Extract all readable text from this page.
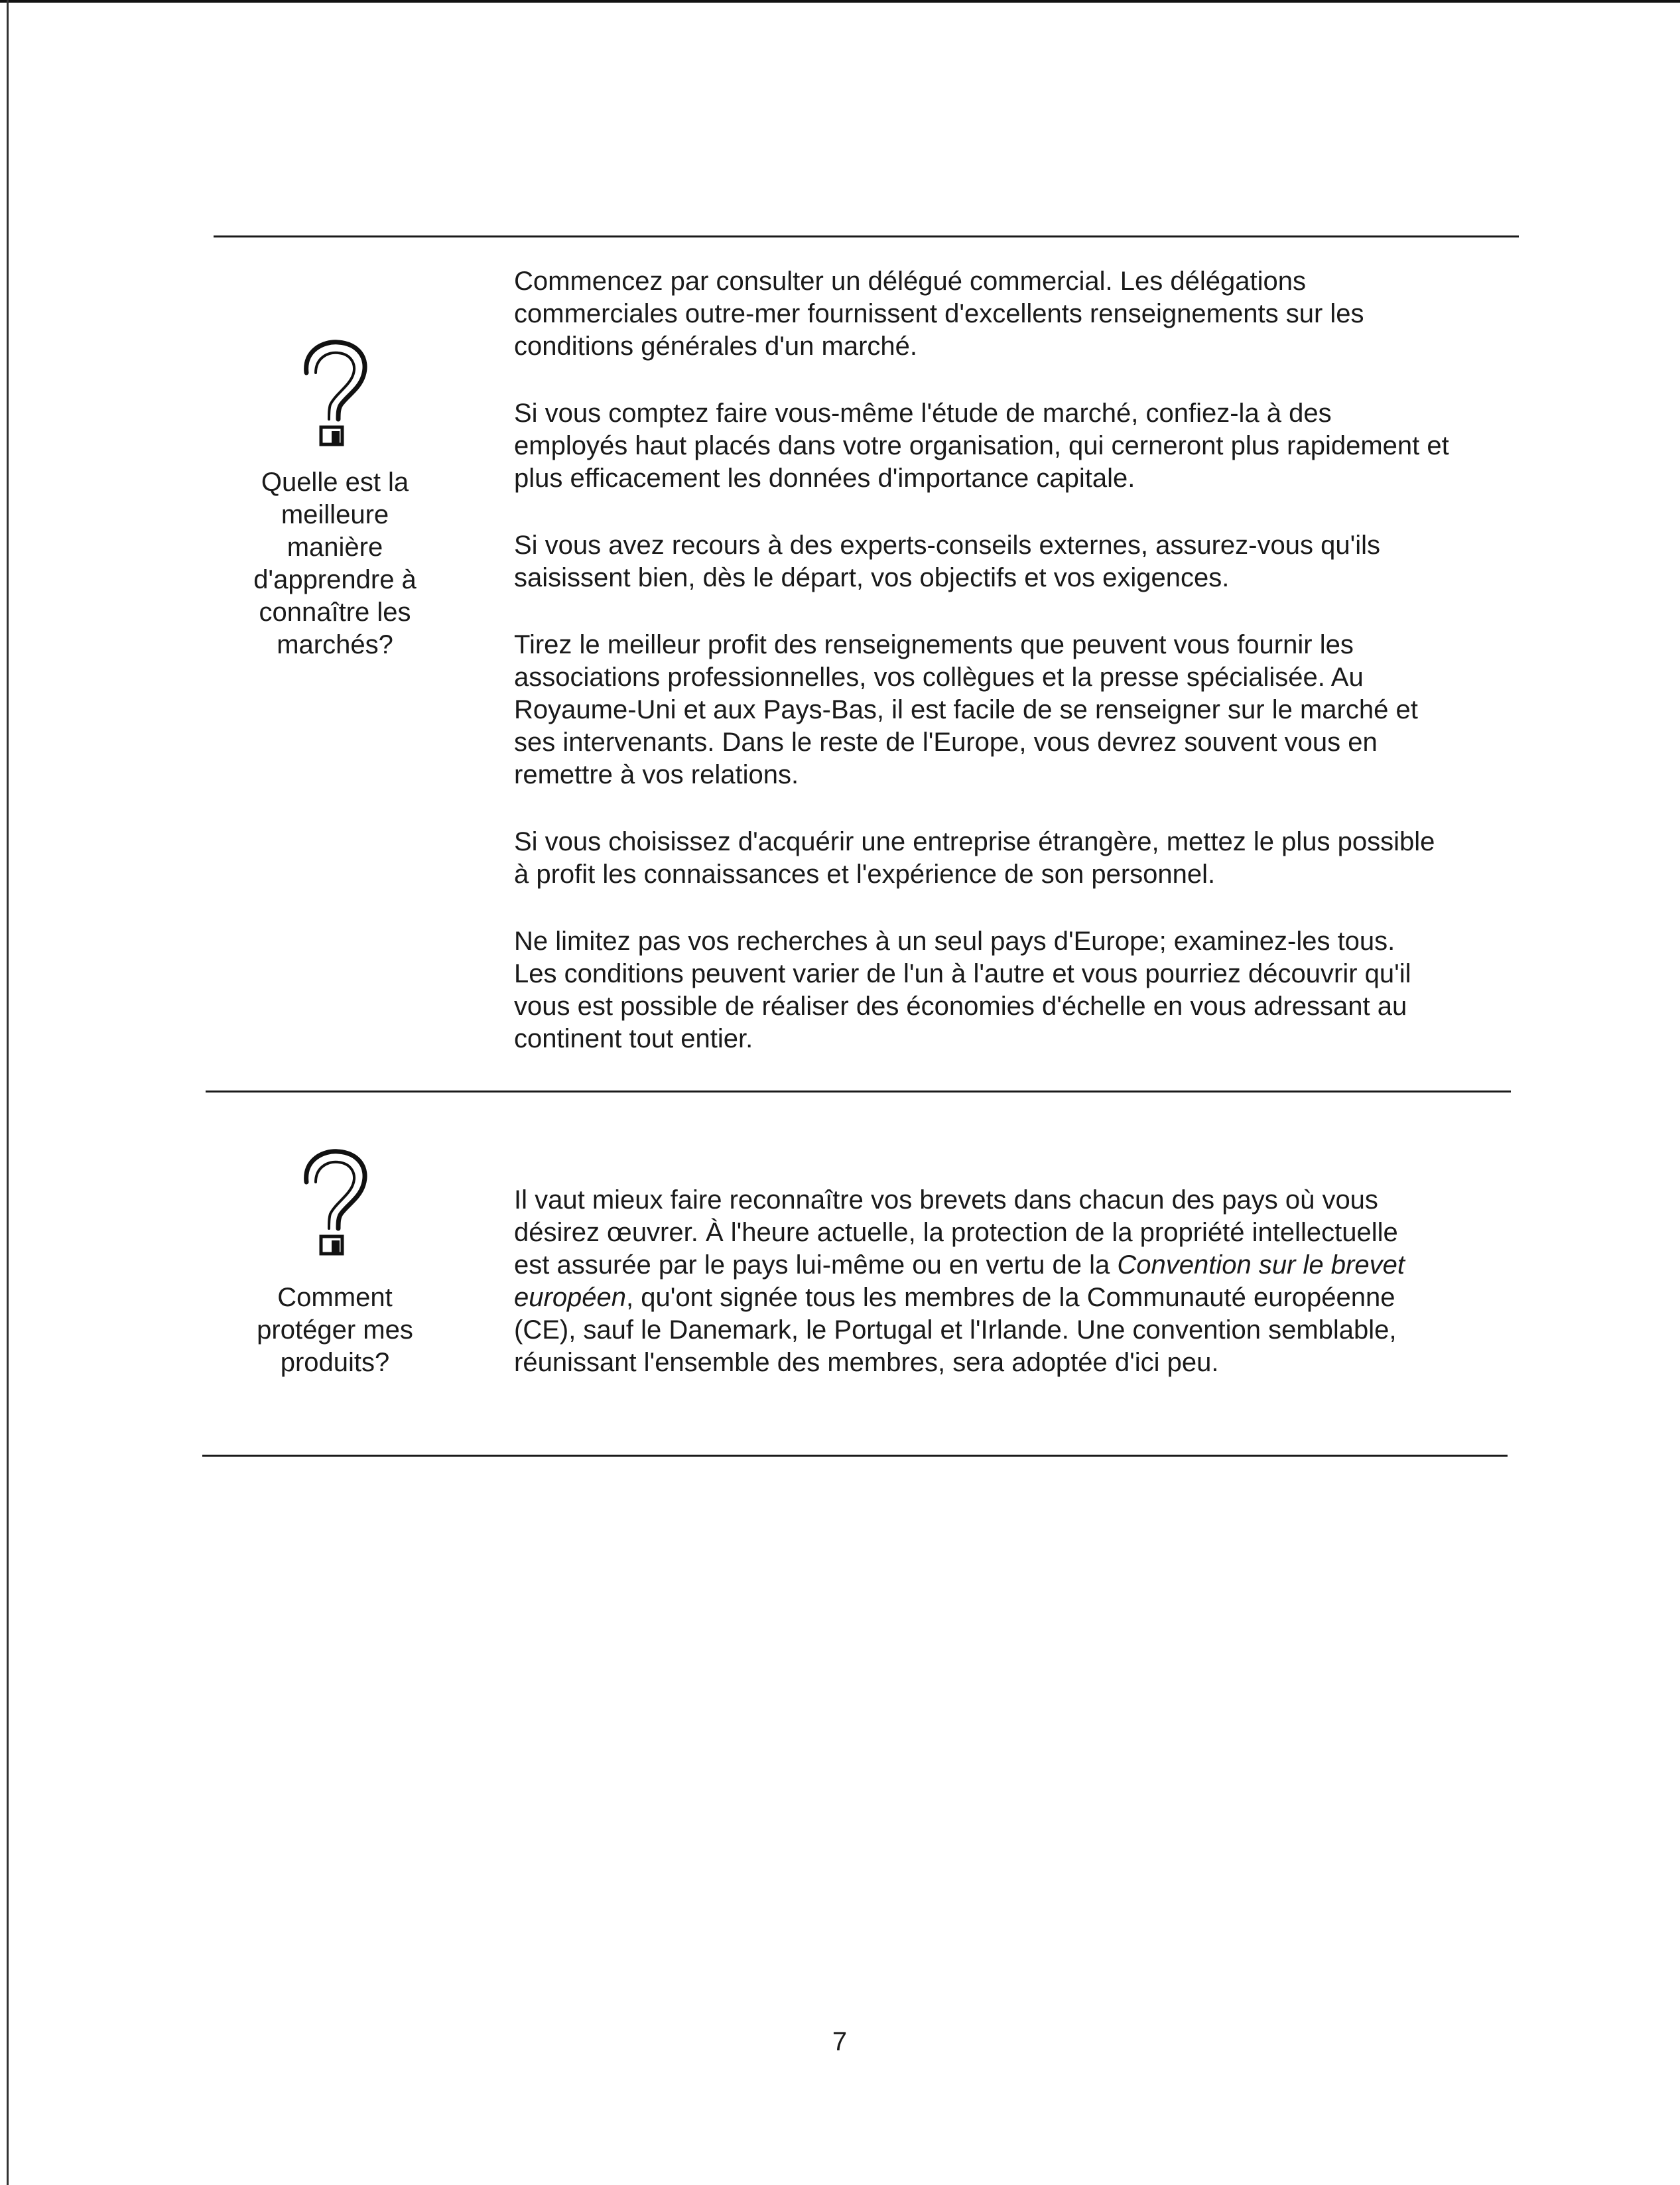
Quelle est la
meilleure
manière
d'apprendre à
connaître les
marchés?

Commencez par consulter un délégué commercial. Les délégations
commerciales outre-mer fournissent d'excellents renseignements sur les
conditions générales d'un marché.

Si vous comptez faire vous-même l'étude de marché, confiez-la à des
employés haut placés dans votre organisation, qui cerneront plus rapidement et
plus efficacement les données d'importance capitale.

Si vous avez recours à des experts-conseils externes, assurez-vous qu'ils
saisissent bien, dès le départ, vos objectifs et vos exigences.

Tirez le meilleur profit des renseignements que peuvent vous fournir les
associations professionnelles, vos collègues et la presse spécialisée. Au
Royaume-Uni et aux Pays-Bas, il est facile de se renseigner sur le marché et
ses intervenants. Dans le reste de l'Europe, vous devrez souvent vous en
remettre à vos relations.

Si vous choisissez d'acquérir une entreprise étrangère, mettez le plus possible
à profit les connaissances et l'expérience de son personnel.

Ne limitez pas vos recherches à un seul pays d'Europe; examinez-les tous.
Les conditions peuvent varier de l'un à l'autre et vous pourriez découvrir qu'il
vous est possible de réaliser des économies d'échelle en vous adressant au
continent tout entier.

Comment
protéger mes
produits?

Il vaut mieux faire reconnaître vos brevets dans chacun des pays où vous
désirez œuvrer. À l'heure actuelle, la protection de la propriété intellectuelle
est assurée par le pays lui-même ou en vertu de la Convention sur le brevet
européen, qu'ont signée tous les membres de la Communauté européenne
(CE), sauf le Danemark, le Portugal et l'Irlande. Une convention semblable,
réunissant l'ensemble des membres, sera adoptée d'ici peu.

7
